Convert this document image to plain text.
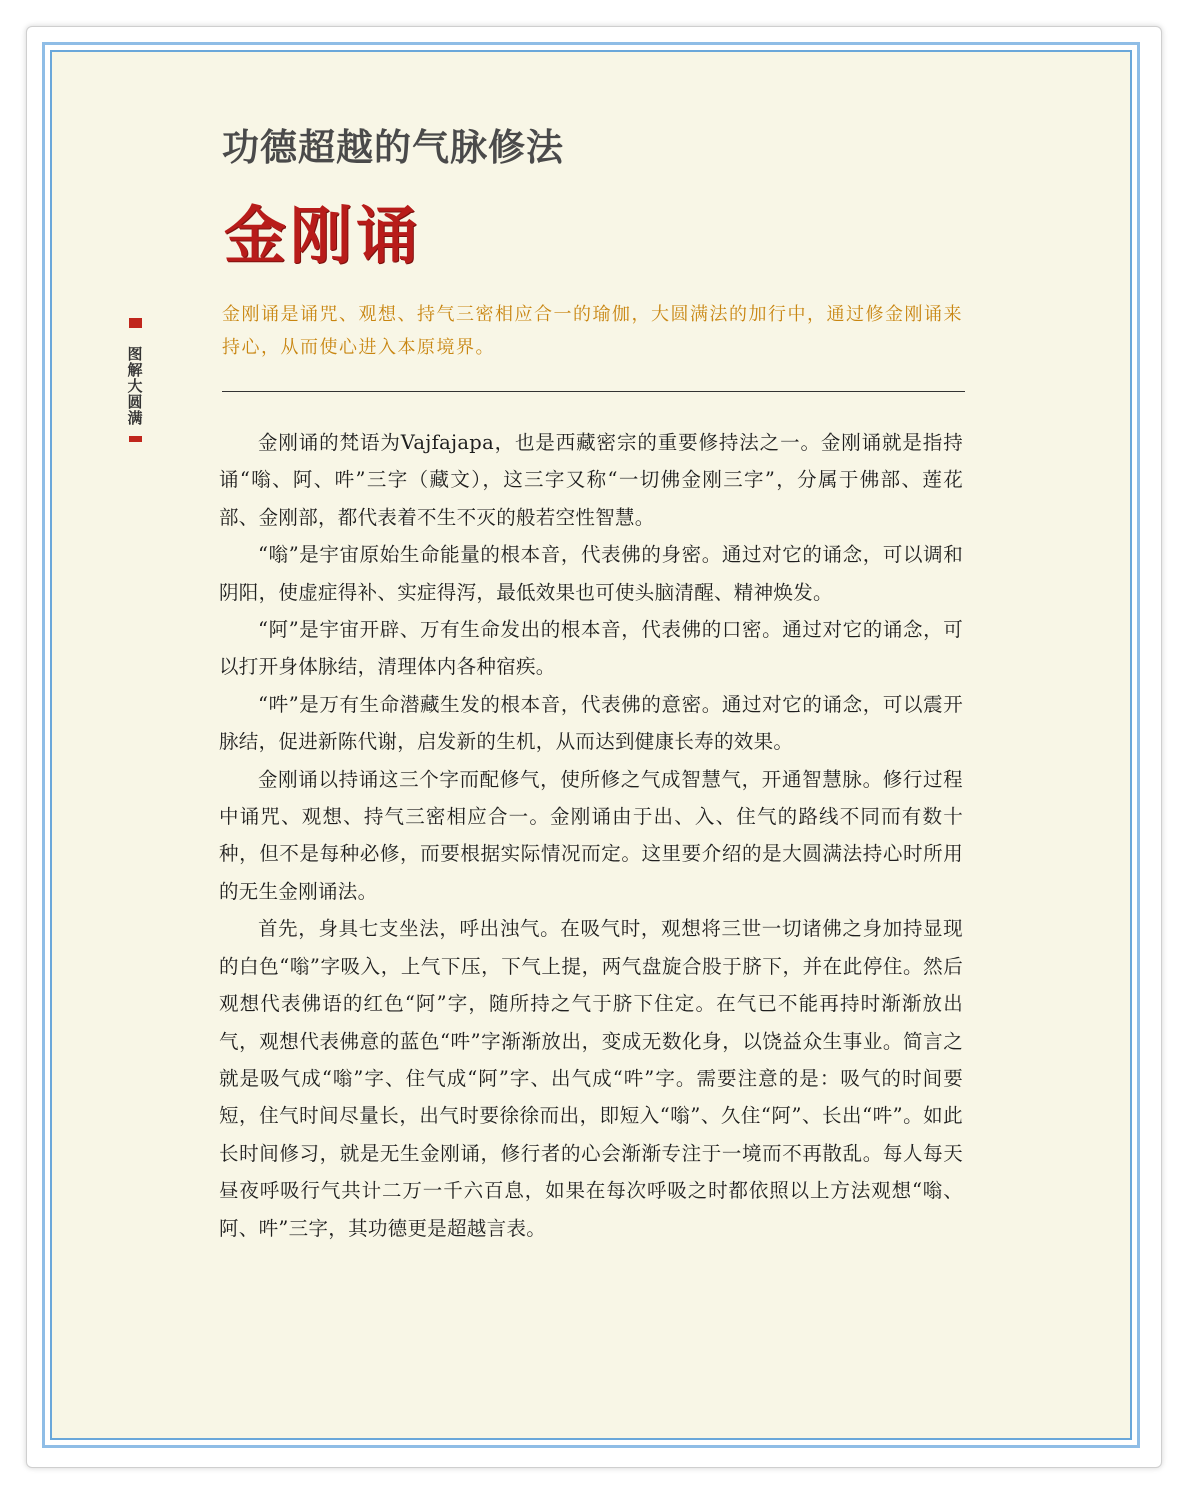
图解大圆满
功德超越的气脉修法
金刚诵

金刚诵是诵咒、观想、持气三密相应合一的瑜伽，大圆满法的加行中，通过修金刚诵来持心，从而使心进入本原境界。

金刚诵的梵语为Vajfajapa，也是西藏密宗的重要修持法之一。金刚诵就是指持诵“嗡、阿、吽”三字（藏文），这三字又称“一切佛金刚三字”，分属于佛部、莲花部、金刚部，都代表着不生不灭的般若空性智慧。

“嗡”是宇宙原始生命能量的根本音，代表佛的身密。通过对它的诵念，可以调和阴阳，使虚症得补、实症得泻，最低效果也可使头脑清醒、精神焕发。

“阿”是宇宙开辟、万有生命发出的根本音，代表佛的口密。通过对它的诵念，可以打开身体脉结，清理体内各种宿疾。

“吽”是万有生命潜藏生发的根本音，代表佛的意密。通过对它的诵念，可以震开脉结，促进新陈代谢，启发新的生机，从而达到健康长寿的效果。

金刚诵以持诵这三个字而配修气，使所修之气成智慧气，开通智慧脉。修行过程中诵咒、观想、持气三密相应合一。金刚诵由于出、入、住气的路线不同而有数十种，但不是每种必修，而要根据实际情况而定。这里要介绍的是大圆满法持心时所用的无生金刚诵法。

首先，身具七支坐法，呼出浊气。在吸气时，观想将三世一切诸佛之身加持显现的白色“嗡”字吸入，上气下压，下气上提，两气盘旋合股于脐下，并在此停住。然后观想代表佛语的红色“阿”字，随所持之气于脐下住定。在气已不能再持时渐渐放出气，观想代表佛意的蓝色“吽”字渐渐放出，变成无数化身，以饶益众生事业。简言之就是吸气成“嗡”字、住气成“阿”字、出气成“吽”字。需要注意的是：吸气的时间要短，住气时间尽量长，出气时要徐徐而出，即短入“嗡”、久住“阿”、长出“吽”。如此长时间修习，就是无生金刚诵，修行者的心会渐渐专注于一境而不再散乱。每人每天昼夜呼吸行气共计二万一千六百息，如果在每次呼吸之时都依照以上方法观想“嗡、阿、吽”三字，其功德更是超越言表。
